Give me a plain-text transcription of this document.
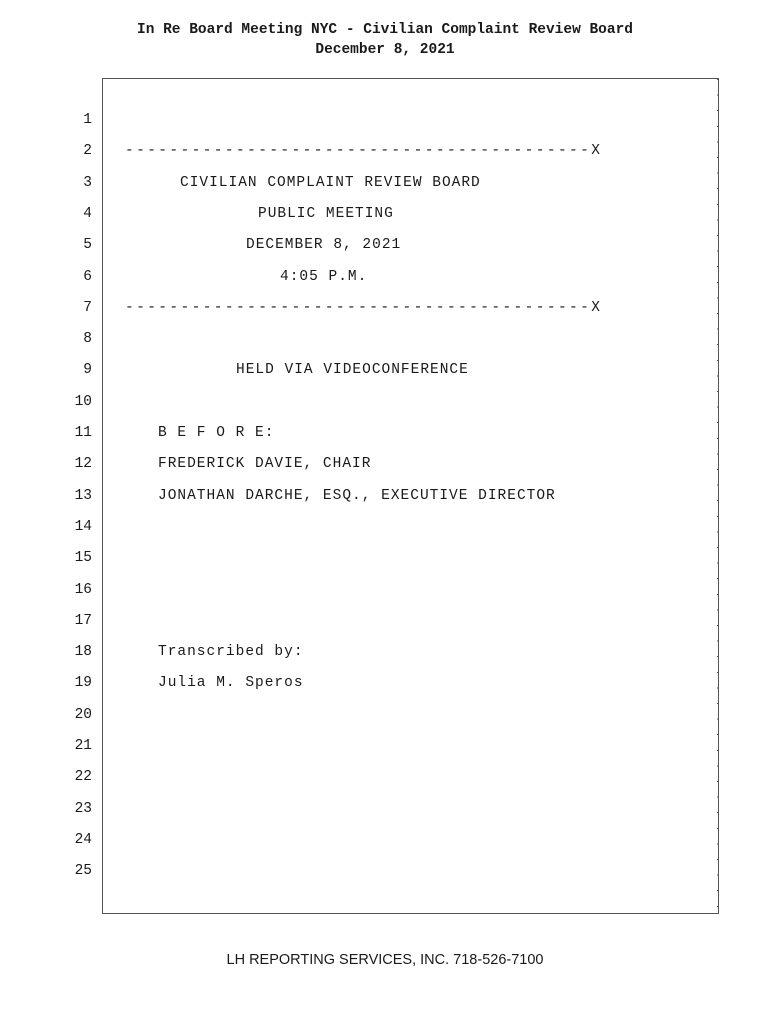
In Re Board Meeting NYC - Civilian Complaint Review Board
December 8, 2021
1
2 ------------------------------------------X
3	CIVILIAN COMPLAINT REVIEW BOARD
4	PUBLIC MEETING
5	DECEMBER 8, 2021
6	4:05 P.M.
7 ------------------------------------------X
8
9	HELD VIA VIDEOCONFERENCE
10
11	B E F O R E:
12	FREDERICK DAVIE, CHAIR
13	JONATHAN DARCHE, ESQ., EXECUTIVE DIRECTOR
14
15
16
17
18	Transcribed by:
19	Julia M. Speros
20
21
22
23
24
25
LH REPORTING SERVICES, INC. 718-526-7100
